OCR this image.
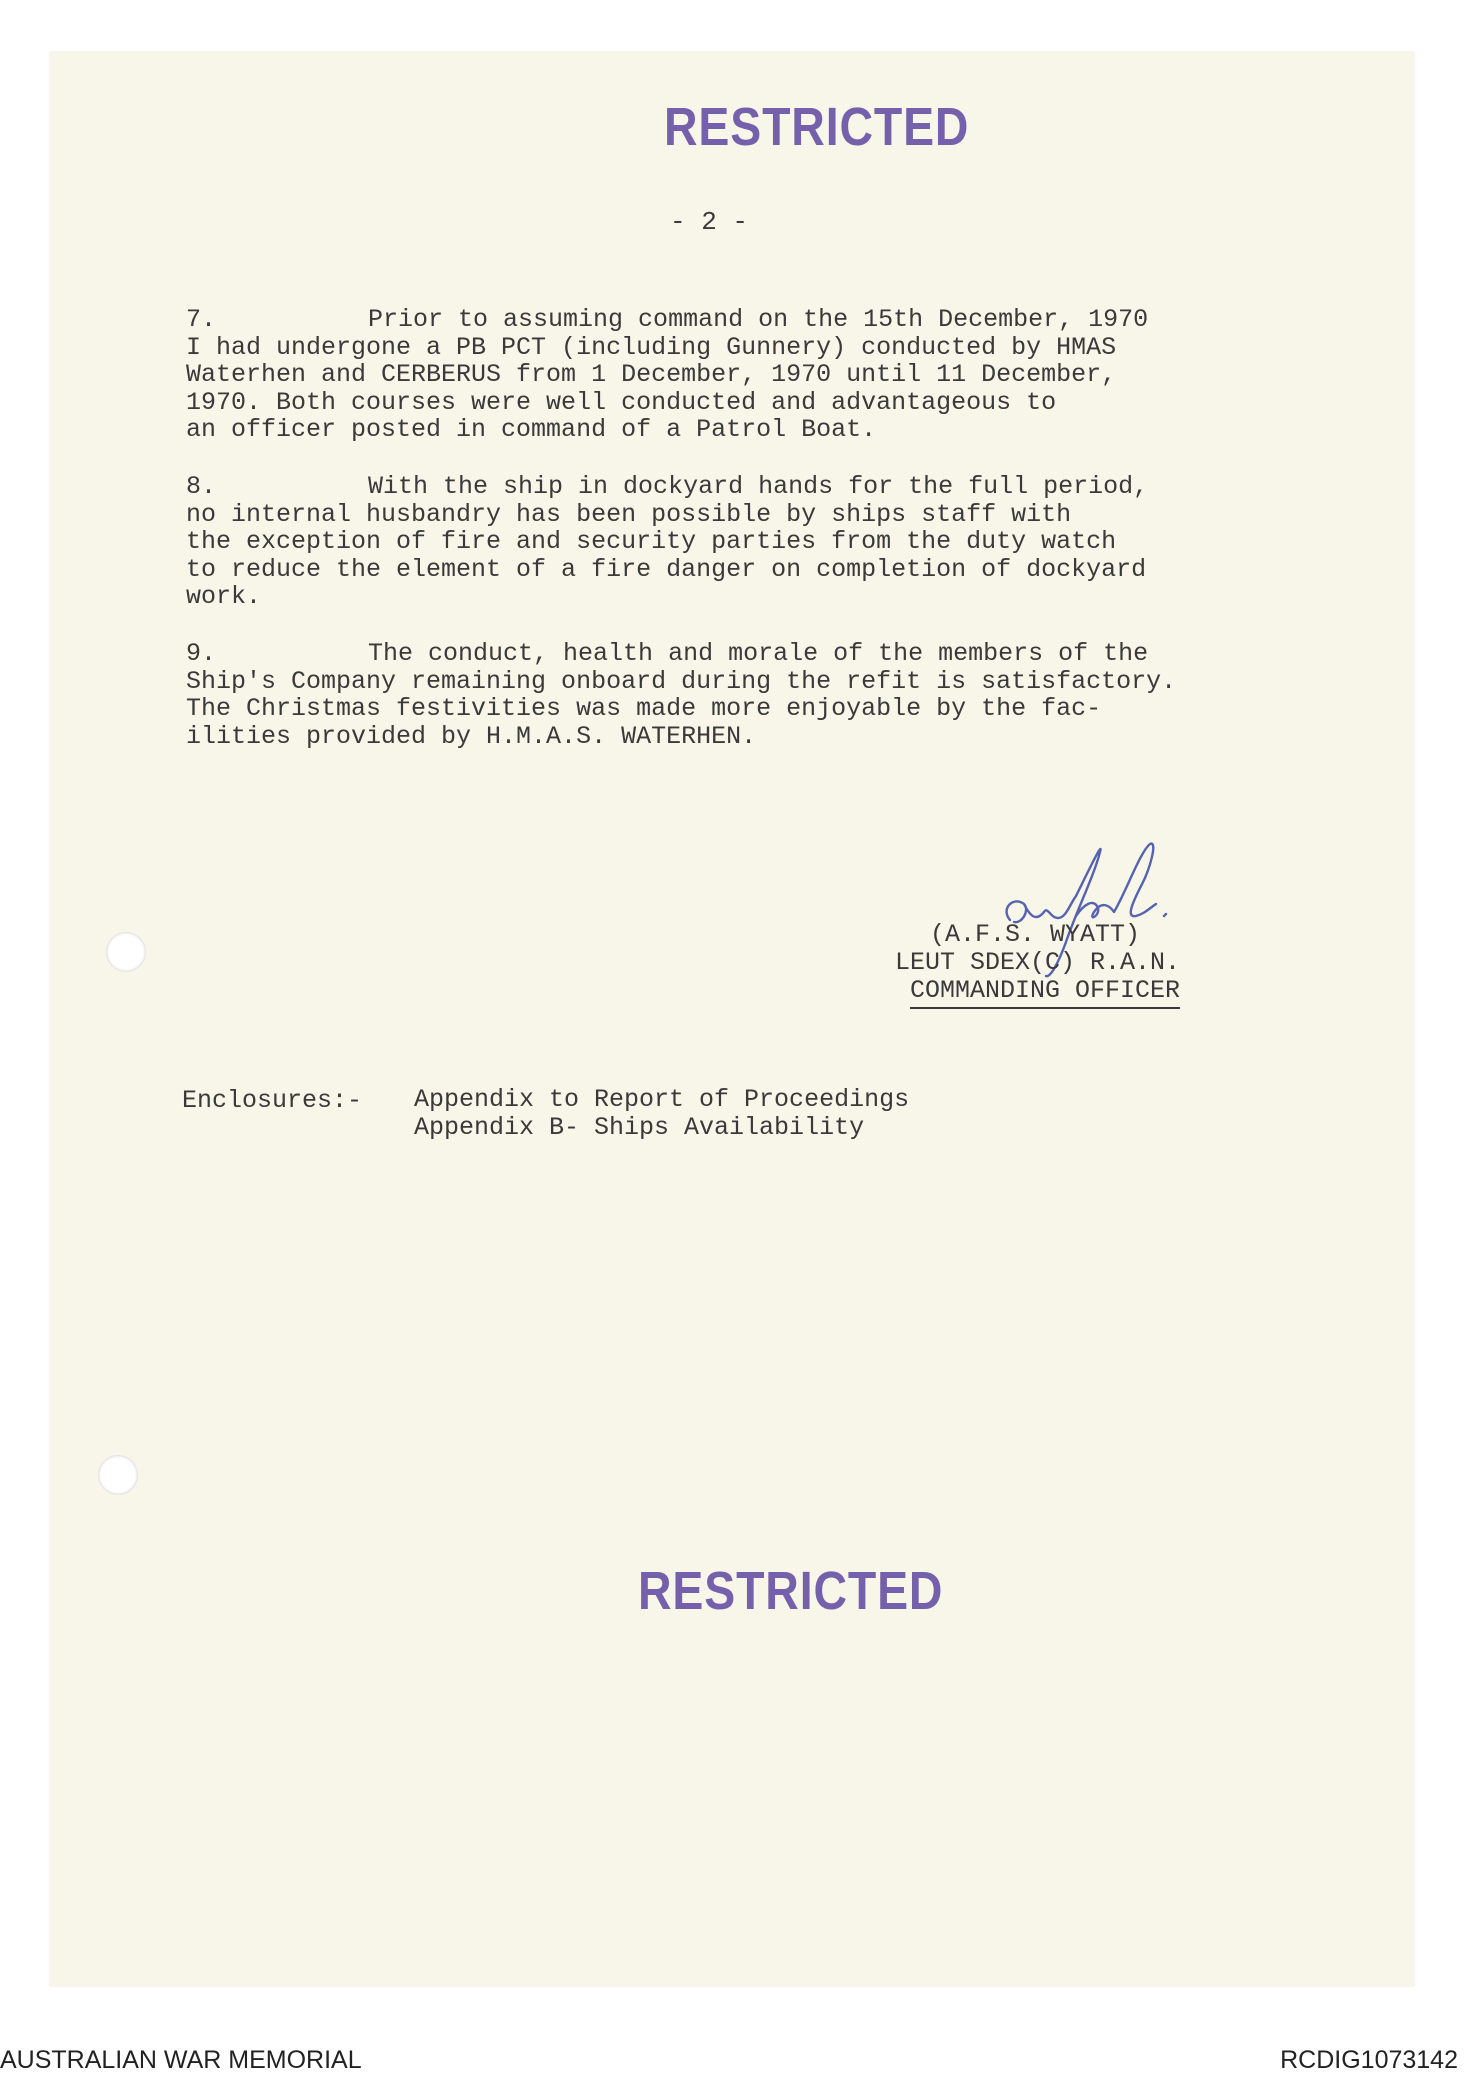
RESTRICTED
- 2 -
7.	Prior to assuming command on the 15th December, 1970
I had undergone a PB PCT (including Gunnery) conducted by HMAS
Waterhen and CERBERUS from 1 December, 1970 until 11 December,
1970. Both courses were well conducted and advantageous to
an officer posted in command of a Patrol Boat.
8.	With the ship in dockyard hands for the full period,
no internal husbandry has been possible by ships staff with
the exception of fire and security parties from the duty watch
to reduce the element of a fire danger on completion of dockyard
work.
9.	The conduct, health and morale of the members of the
Ship's Company remaining onboard during the refit is satisfactory.
The Christmas festivities was made more enjoyable by the fac-
ilities provided by H.M.A.S. WATERHEN.
(A.F.S. WYATT)
LEUT SDEX(C) R.A.N.
COMMANDING OFFICER
Enclosures:- Appendix to Report of Proceedings
Appendix B- Ships Availability
RESTRICTED
AUSTRALIAN WAR MEMORIAL	RCDIG1073142
